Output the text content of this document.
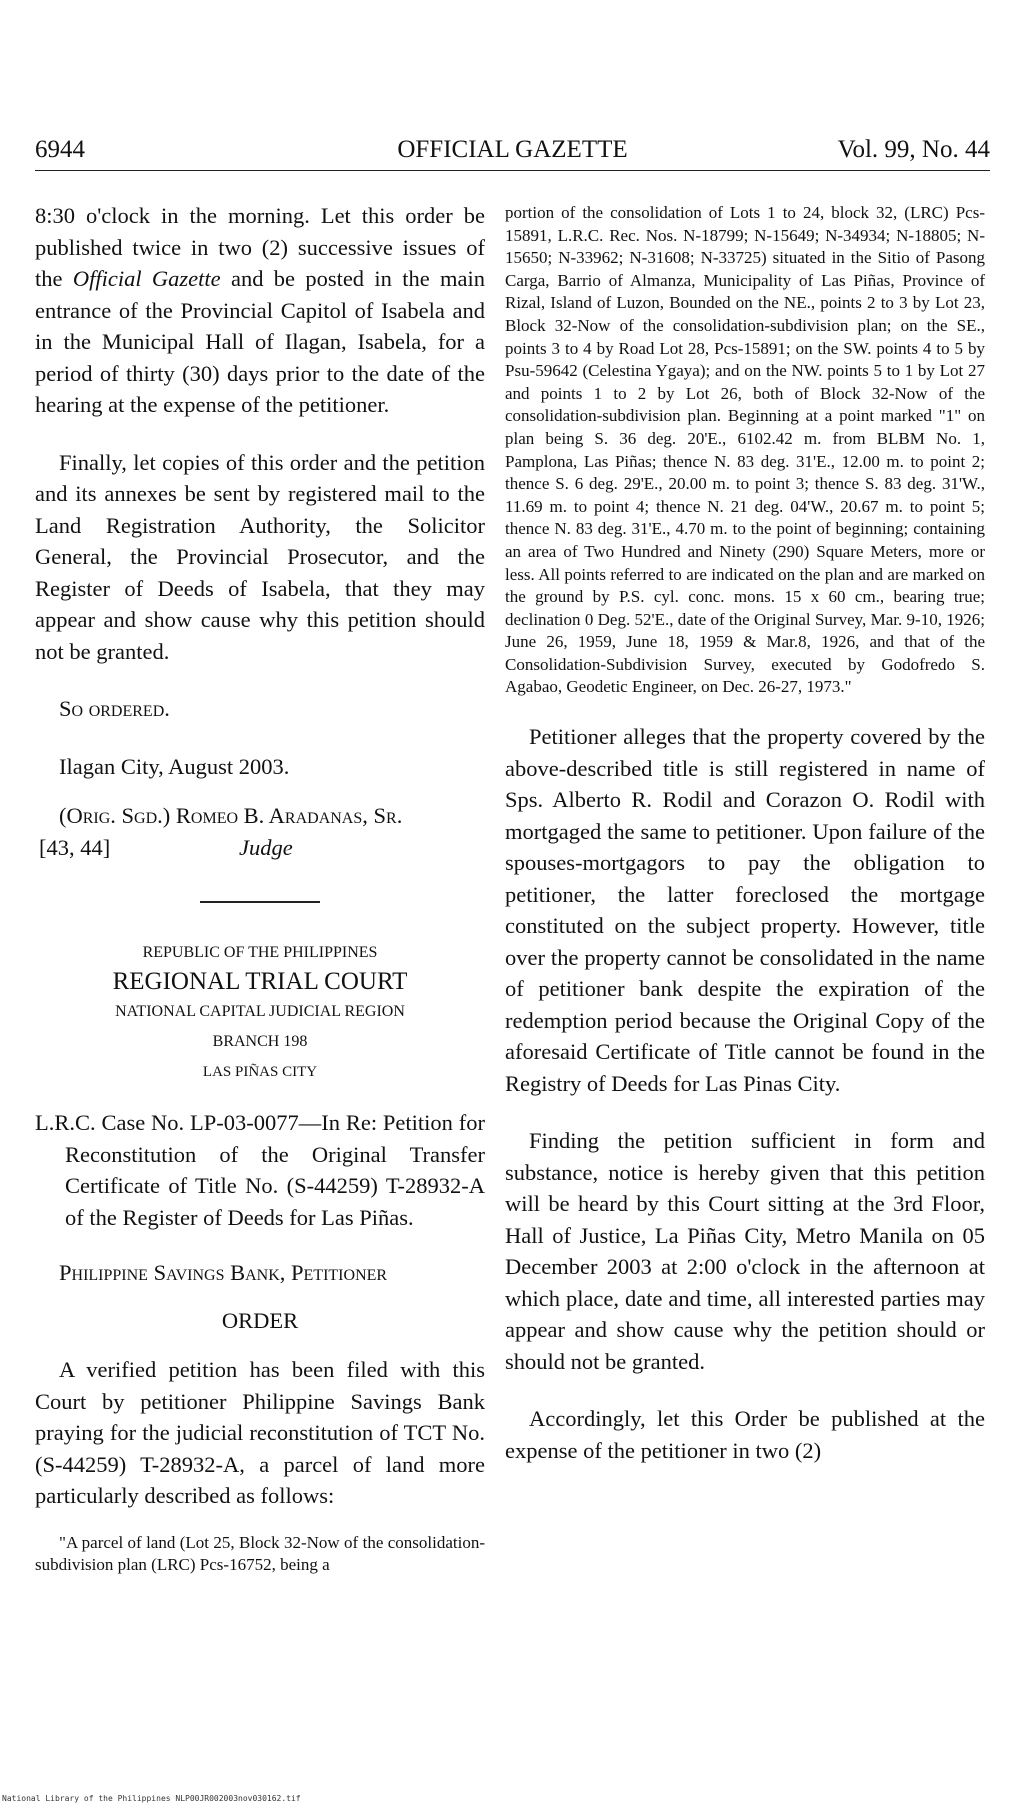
6944	OFFICIAL GAZETTE	Vol. 99, No. 44

8:30 o'clock in the morning. Let this order be published twice in two (2) successive issues of the Official Gazette and be posted in the main entrance of the Provincial Capitol of Isabela and in the Municipal Hall of Ilagan, Isabela, for a period of thirty (30) days prior to the date of the hearing at the expense of the petitioner.

Finally, let copies of this order and the petition and its annexes be sent by registered mail to the Land Registration Authority, the Solicitor General, the Provincial Prosecutor, and the Register of Deeds of Isabela, that they may appear and show cause why this petition should not be granted.

So ordered.

Ilagan City, August 2003.

(Orig. Sgd.) Romeo B. Aradanas, Sr.

[43, 44]	Judge
REPUBLIC OF THE PHILIPPINES
REGIONAL TRIAL COURT
NATIONAL CAPITAL JUDICIAL REGION
BRANCH 198
LAS PIÑAS CITY

L.R.C. Case No. LP-03-0077—In Re: Petition for Reconstitution of the Original Transfer Certificate of Title No. (S-44259) T-28932-A of the Register of Deeds for Las Piñas.

Philippine Savings Bank, Petitioner

ORDER

A verified petition has been filed with this Court by petitioner Philippine Savings Bank praying for the judicial reconstitution of TCT No. (S-44259) T-28932-A, a parcel of land more particularly described as follows:

"A parcel of land (Lot 25, Block 32-Now of the consolidation-subdivision plan (LRC) Pcs-16752, being a

portion of the consolidation of Lots 1 to 24, block 32, (LRC) Pcs-15891, L.R.C. Rec. Nos. N-18799; N-15649; N-34934; N-18805; N-15650; N-33962; N-31608; N-33725) situated in the Sitio of Pasong Carga, Barrio of Almanza, Municipality of Las Piñas, Province of Rizal, Island of Luzon, Bounded on the NE., points 2 to 3 by Lot 23, Block 32-Now of the consolidation-subdivision plan; on the SE., points 3 to 4 by Road Lot 28, Pcs-15891; on the SW. points 4 to 5 by Psu-59642 (Celestina Ygaya); and on the NW. points 5 to 1 by Lot 27 and points 1 to 2 by Lot 26, both of Block 32-Now of the consolidation-subdivision plan. Beginning at a point marked "1" on plan being S. 36 deg. 20'E., 6102.42 m. from BLBM No. 1, Pamplona, Las Piñas; thence N. 83 deg. 31'E., 12.00 m. to point 2; thence S. 6 deg. 29'E., 20.00 m. to point 3; thence S. 83 deg. 31'W., 11.69 m. to point 4; thence N. 21 deg. 04'W., 20.67 m. to point 5; thence N. 83 deg. 31'E., 4.70 m. to the point of beginning; containing an area of Two Hundred and Ninety (290) Square Meters, more or less. All points referred to are indicated on the plan and are marked on the ground by P.S. cyl. conc. mons. 15 x 60 cm., bearing true; declination 0 Deg. 52'E., date of the Original Survey, Mar. 9-10, 1926; June 26, 1959, June 18, 1959 & Mar.8, 1926, and that of the Consolidation-Subdivision Survey, executed by Godofredo S. Agabao, Geodetic Engineer, on Dec. 26-27, 1973."

Petitioner alleges that the property covered by the above-described title is still registered in name of Sps. Alberto R. Rodil and Corazon O. Rodil with mortgaged the same to petitioner. Upon failure of the spouses-mortgagors to pay the obligation to petitioner, the latter foreclosed the mortgage constituted on the subject property. However, title over the property cannot be consolidated in the name of petitioner bank despite the expiration of the redemption period because the Original Copy of the aforesaid Certificate of Title cannot be found in the Registry of Deeds for Las Pinas City.

Finding the petition sufficient in form and substance, notice is hereby given that this petition will be heard by this Court sitting at the 3rd Floor, Hall of Justice, La Piñas City, Metro Manila on 05 December 2003 at 2:00 o'clock in the afternoon at which place, date and time, all interested parties may appear and show cause why the petition should or should not be granted.

Accordingly, let this Order be published at the expense of the petitioner in two (2)

National Library of the Philippines NLP00JR002003nov030162.tif
